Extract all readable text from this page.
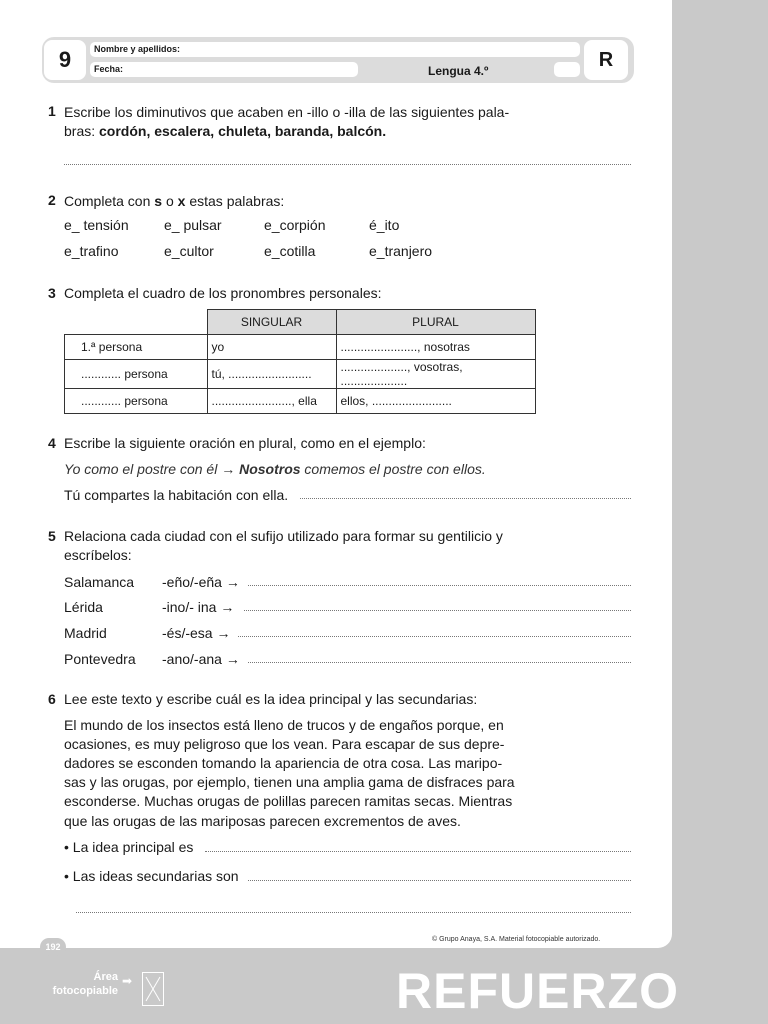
9	Nombre y apellidos:
Fecha:	Lengua 4.º
R
1 Escribe los diminutivos que acaben en -illo o -illa de las siguientes pala-
bras: cordón, escalera, chuleta, baranda, balcón.
2 Completa con s o x estas palabras:
e_ tensión	e_ pulsar	e_corpión	é_ito
e_trafino	e_cultor	e_cotilla	e_tranjero
3 Completa el cuadro de los pronombres personales:
	SINGULAR	PLURAL
1.ª persona	yo	......................., nosotras
............ persona	tú, .........................	...................., vosotras, ....................
............ persona	........................, ella	ellos, ........................
4 Escribe la siguiente oración en plural, como en el ejemplo:
Yo como el postre con él → Nosotros comemos el postre con ellos.
Tú compartes la habitación con ella.
5 Relaciona cada ciudad con el sufijo utilizado para formar su gentilicio y
escríbelos:
Salamanca -eño/-eña →
Lérida	-ino/- ina →
Madrid	-és/-esa →
Pontevedra -ano/-ana →
6 Lee este texto y escribe cuál es la idea principal y las secundarias:
El mundo de los insectos está lleno de trucos y de engaños porque, en
ocasiones, es muy peligroso que los vean. Para escapar de sus depre-
dadores se esconden tomando la apariencia de otra cosa. Las maripo-
sas y las orugas, por ejemplo, tienen una amplia gama de disfraces para
esconderse. Muchas orugas de polillas parecen ramitas secas. Mientras
que las orugas de las mariposas parecen excrementos de aves.
• La idea principal es
• Las ideas secundarias son
© Grupo Anaya, S.A. Material fotocopiable autorizado.
192
Área
fotocopiable
➡	REFUERZO
